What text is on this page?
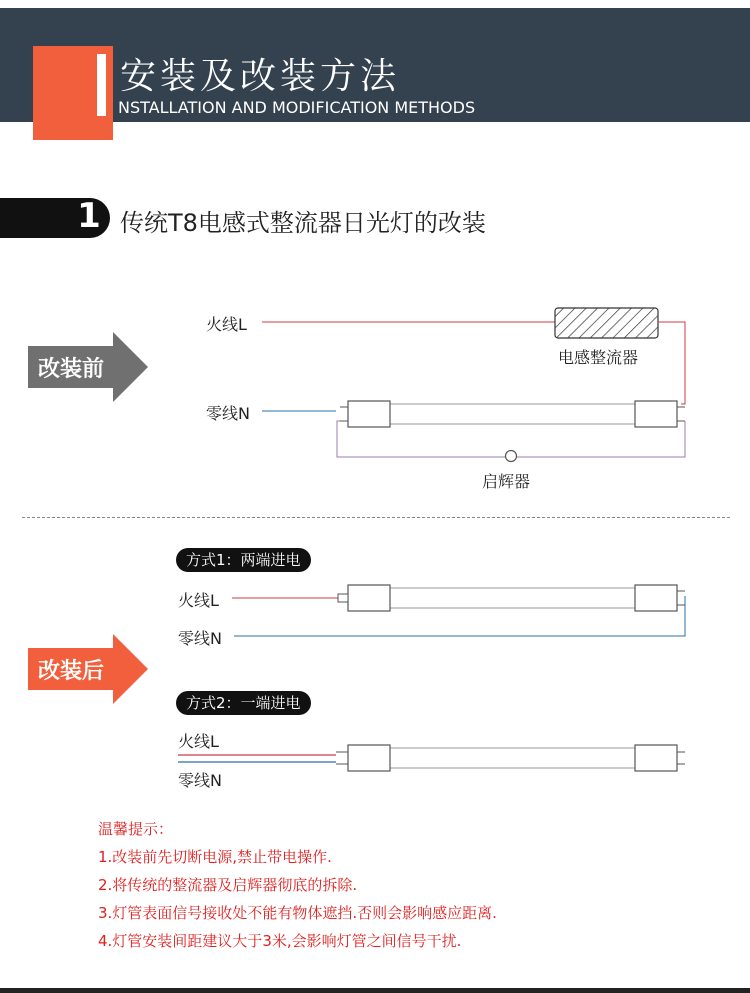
安装及改装方法
NSTALLATION AND MODIFICATION METHODS
1 传统T8电感式整流器日光灯的改装
改装前
火线L
零线N
电感整流器
启辉器
改装后
方式1：两端进电
火线L
零线N
方式2：一端进电
火线L
零线N
温馨提示：
1.改装前先切断电源,禁止带电操作.
2.将传统的整流器及启辉器彻底的拆除.
3.灯管表面信号接收处不能有物体遮挡.否则会影响感应距离.
4.灯管安装间距建议大于3米,会影响灯管之间信号干扰.
